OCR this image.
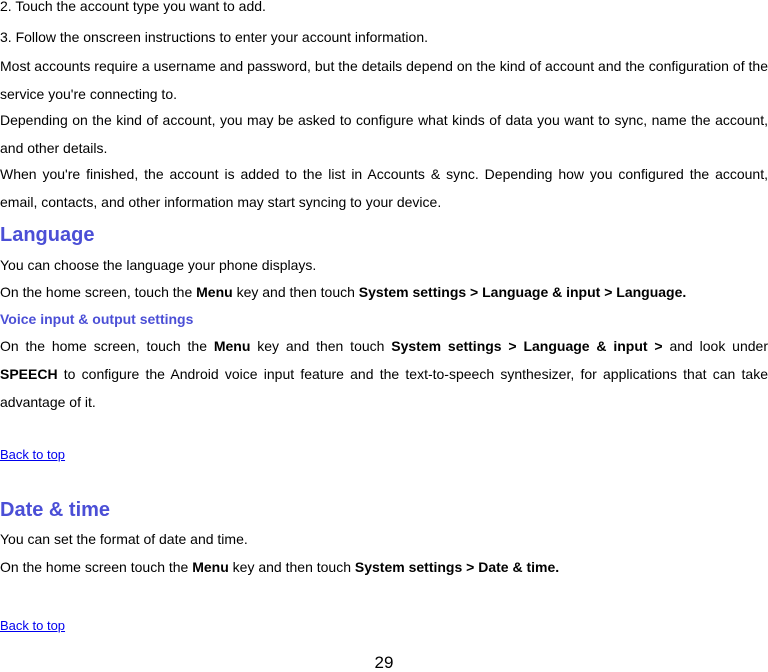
2. Touch the account type you want to add.
3. Follow the onscreen instructions to enter your account information.
Most accounts require a username and password, but the details depend on the kind of account and the configuration of the service you're connecting to.
Depending on the kind of account, you may be asked to configure what kinds of data you want to sync, name the account, and other details.
When you're finished, the account is added to the list in Accounts & sync. Depending how you configured the account, email, contacts, and other information may start syncing to your device.
Language
You can choose the language your phone displays.
On the home screen, touch the Menu key and then touch System settings > Language & input > Language.
Voice input & output settings
On the home screen, touch the Menu key and then touch System settings > Language & input > and look under SPEECH to configure the Android voice input feature and the text-to-speech synthesizer, for applications that can take advantage of it.
Back to top
Date & time
You can set the format of date and time.
On the home screen touch the Menu key and then touch System settings > Date & time.
Back to top
29
